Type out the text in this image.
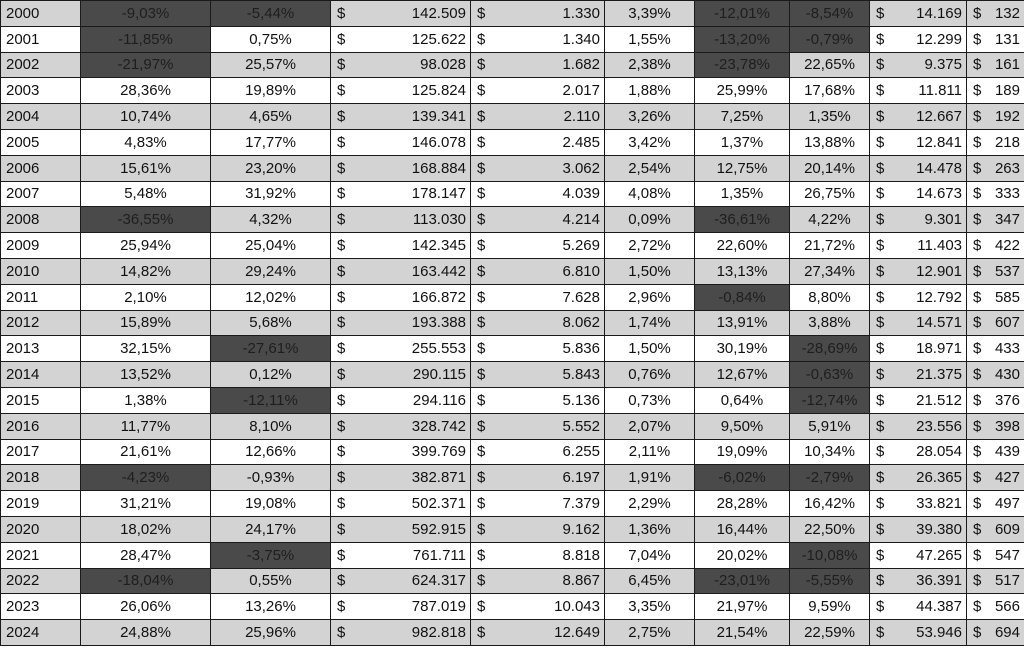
2000	-9,03%	-5,44%	$ 142.509	$ 1.330	3,39%	-12,01%	-8,54%	$ 14.169	$ 132

2001	-11,85%	0,75%	$ 125.622	$ 1.340	1,55%	-13,20%	-0,79%	$ 12.299	$ 131

2002	-21,97%	25,57%	$ 98.028	$ 1.682	2,38%	-23,78%	22,65%	$ 9.375	$ 161

2003	28,36%	19,89%	$ 125.824	$ 2.017	1,88%	25,99%	17,68%	$ 11.811	$ 189

2004	10,74%	4,65%	$ 139.341	$ 2.110	3,26%	7,25%	1,35%	$ 12.667	$ 192

2005	4,83%	17,77%	$ 146.078	$ 2.485	3,42%	1,37%	13,88%	$ 12.841	$ 218

2006	15,61%	23,20%	$ 168.884	$ 3.062	2,54%	12,75%	20,14%	$ 14.478	$ 263

2007	5,48%	31,92%	$ 178.147	$ 4.039	4,08%	1,35%	26,75%	$ 14.673	$ 333

2008	-36,55%	4,32%	$ 113.030	$ 4.214	0,09%	-36,61%	4,22%	$ 9.301	$ 347

2009	25,94%	25,04%	$ 142.345	$ 5.269	2,72%	22,60%	21,72%	$ 11.403	$ 422

2010	14,82%	29,24%	$ 163.442	$ 6.810	1,50%	13,13%	27,34%	$ 12.901	$ 537

2011	2,10%	12,02%	$ 166.872	$ 7.628	2,96%	-0,84%	8,80%	$ 12.792	$ 585

2012	15,89%	5,68%	$ 193.388	$ 8.062	1,74%	13,91%	3,88%	$ 14.571	$ 607

2013	32,15%	-27,61%	$ 255.553	$ 5.836	1,50%	30,19%	-28,69%	$ 18.971	$ 433

2014	13,52%	0,12%	$ 290.115	$ 5.843	0,76%	12,67%	-0,63%	$ 21.375	$ 430

2015	1,38%	-12,11%	$ 294.116	$ 5.136	0,73%	0,64%	-12,74%	$ 21.512	$ 376

2016	11,77%	8,10%	$ 328.742	$ 5.552	2,07%	9,50%	5,91%	$ 23.556	$ 398

2017	21,61%	12,66%	$ 399.769	$ 6.255	2,11%	19,09%	10,34%	$ 28.054	$ 439

2018	-4,23%	-0,93%	$ 382.871	$ 6.197	1,91%	-6,02%	-2,79%	$ 26.365	$ 427

2019	31,21%	19,08%	$ 502.371	$ 7.379	2,29%	28,28%	16,42%	$ 33.821	$ 497

2020	18,02%	24,17%	$ 592.915	$ 9.162	1,36%	16,44%	22,50%	$ 39.380	$ 609

2021	28,47%	-3,75%	$ 761.711	$ 8.818	7,04%	20,02%	-10,08%	$ 47.265	$ 547

2022	-18,04%	0,55%	$ 624.317	$ 8.867	6,45%	-23,01%	-5,55%	$ 36.391	$ 517

2023	26,06%	13,26%	$ 787.019	$ 10.043	3,35%	21,97%	9,59%	$ 44.387	$ 566

2024	24,88%	25,96%	$ 982.818	$ 12.649	2,75%	21,54%	22,59%	$ 53.946	$ 694
